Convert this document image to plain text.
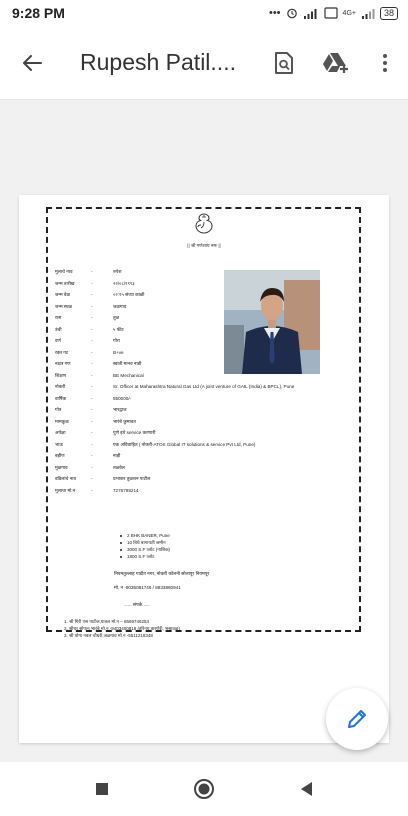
9:28 PM	•••	4G+	38
Rupesh Patil....
|| श्री गणेशाय नमः ||
मुलाचे नाव	-	रुपेश
जन्म तारीख	-	२२/०८/१९९३
जन्म वेळ	-	०२:१५ संध्या काळी
जन्म स्थळ	-	जळगाव
रास	-	तुळ
उंची	-	५ फीट
वर्ण	-	गोरा
रक्त गट	-	B+ve
नक्षत्र गण	-	स्वाती मानव नाडी
शिक्षण	-	BE Mechanical
नोकरी	-	Sr. Officer at Maharashtra Natural Gas Ltd (A joint venture of GAIL (India) & BPCL), Pune
वार्षिक	-	550000/-
गोत्र	-	भारद्वाज
मामकुळ	-	भारंबे कुमावत
अपेक्षा	-	पुणे इथे service करणारी
भाऊ	-	एक अविवाहित ( नोकरी-ATOS Global IT solutions & service Pvt Ltd, Pune)
बहीण	-	नाही
मुळगाव	-	तळवेल
वडिलांचे नाव	-	प्रभाकर तुळशन पाटील
मुलाचा मो.न	-	7276788214
2 BHK BANER, Pune
10 बिघे बागायती जमीन
3000 S.F प्लॉट (नाशिक)
1800 S.F प्लॉट
नियमतुल्लाह गाडीत नगर, नोकरी कॉलनी सोलापूर नियमपूर
मो. न -9035081746 / 8833880941
...... संपर्क......
1. श्री गिरी एस पाटील,यावल मो.न – 8669746254
2. श्रीधर सोपान भारंबे मो.न -9403400818 (हरिनय वारणेरी, भुसावळ)
3. श्री योगा नवल चौधरी,जळगाव मो.न -5511218348
